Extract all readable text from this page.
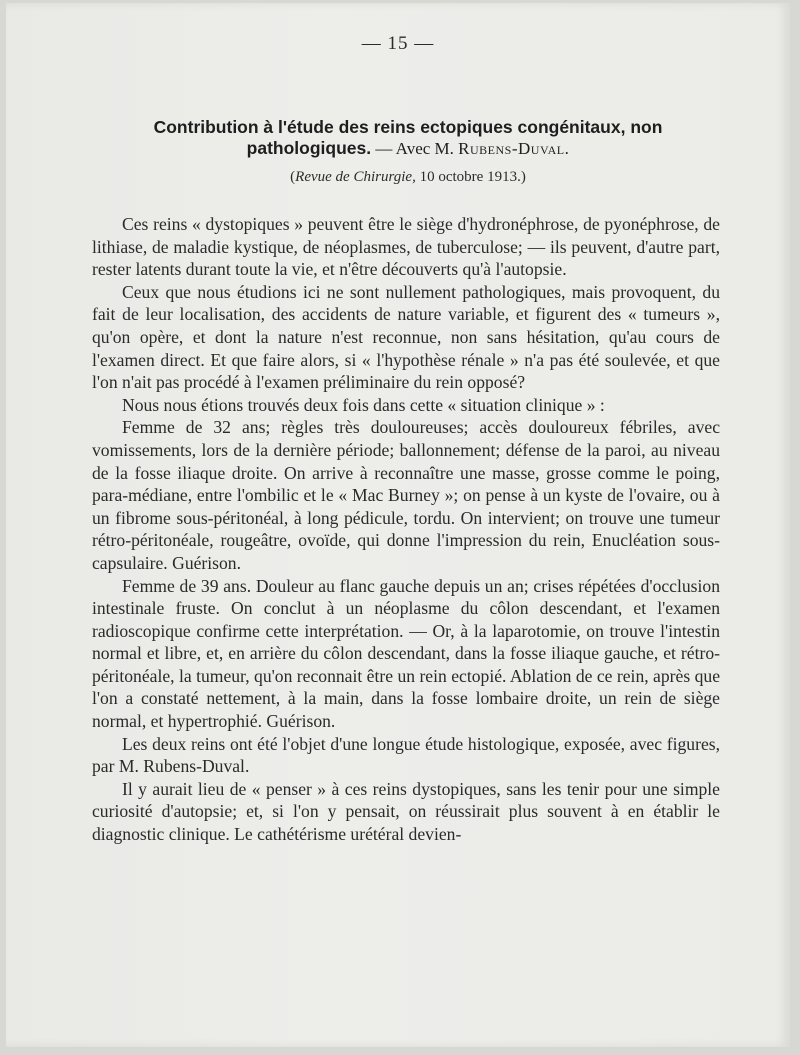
— 15 —
Contribution à l'étude des reins ectopiques congénitaux, non pathologiques. — Avec M. Rubens-Duval.
(Revue de Chirurgie, 10 octobre 1913.)

Ces reins « dystopiques » peuvent être le siège d'hydronéphrose, de pyonéphrose, de lithiase, de maladie kystique, de néoplasmes, de tuberculose; — ils peuvent, d'autre part, rester latents durant toute la vie, et n'être découverts qu'à l'autopsie.

Ceux que nous étudions ici ne sont nullement pathologiques, mais provoquent, du fait de leur localisation, des accidents de nature variable, et figurent des « tumeurs », qu'on opère, et dont la nature n'est reconnue, non sans hésitation, qu'au cours de l'examen direct. Et que faire alors, si « l'hypothèse rénale » n'a pas été soulevée, et que l'on n'ait pas procédé à l'examen préliminaire du rein opposé?

Nous nous étions trouvés deux fois dans cette « situation clinique » :

Femme de 32 ans; règles très douloureuses; accès douloureux fébriles, avec vomissements, lors de la dernière période; ballonnement; défense de la paroi, au niveau de la fosse iliaque droite. On arrive à reconnaître une masse, grosse comme le poing, para-médiane, entre l'ombilic et le « Mac Burney »; on pense à un kyste de l'ovaire, ou à un fibrome sous-péritonéal, à long pédicule, tordu. On intervient; on trouve une tumeur rétro-péritonéale, rougeâtre, ovoïde, qui donne l'impression du rein, Enucléation sous-capsulaire. Guérison.

Femme de 39 ans. Douleur au flanc gauche depuis un an; crises répétées d'occlusion intestinale fruste. On conclut à un néoplasme du côlon descendant, et l'examen radioscopique confirme cette interprétation. — Or, à la laparotomie, on trouve l'intestin normal et libre, et, en arrière du côlon descendant, dans la fosse iliaque gauche, et rétro-péritonéale, la tumeur, qu'on reconnait être un rein ectopié. Ablation de ce rein, après que l'on a constaté nettement, à la main, dans la fosse lombaire droite, un rein de siège normal, et hypertrophié. Guérison.

Les deux reins ont été l'objet d'une longue étude histologique, exposée, avec figures, par M. Rubens-Duval.

Il y aurait lieu de « penser » à ces reins dystopiques, sans les tenir pour une simple curiosité d'autopsie; et, si l'on y pensait, on réussirait plus souvent à en établir le diagnostic clinique. Le cathétérisme urétéral devien-
